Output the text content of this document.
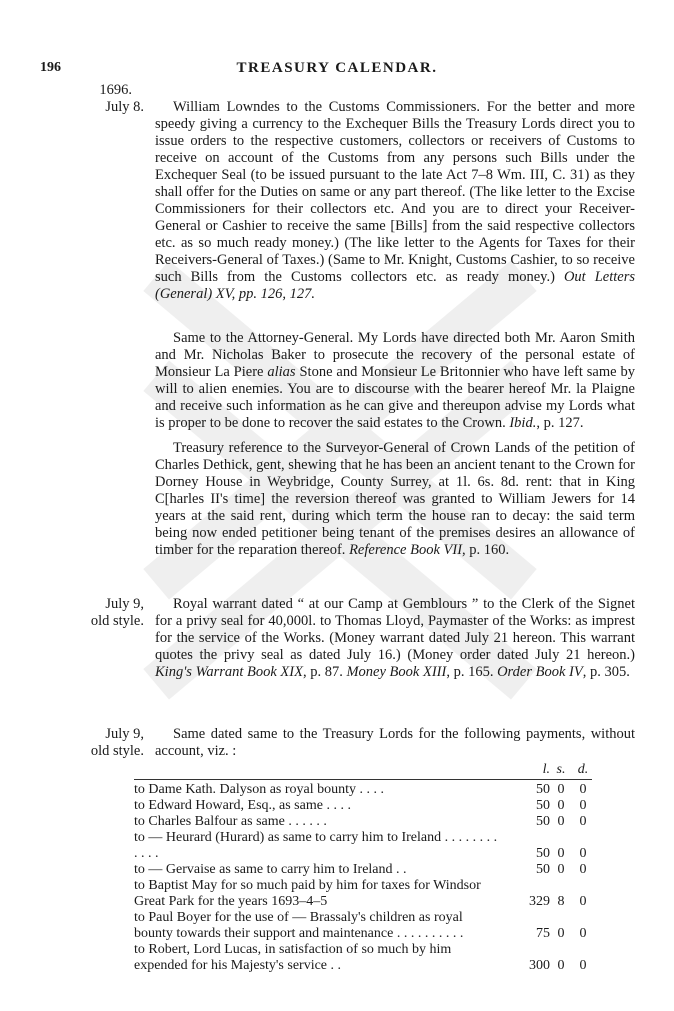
196	TREASURY CALENDAR.
1696.
July 8.	William Lowndes to the Customs Commissioners. For the better and more speedy giving a currency to the Exchequer Bills the Treasury Lords direct you to issue orders to the respective customers, collectors or receivers of Customs to receive on account of the Customs from any persons such Bills under the Exchequer Seal (to be issued pursuant to the late Act 7–8 Wm. III, C. 31) as they shall offer for the Duties on same or any part thereof. (The like letter to the Excise Commissioners for their collectors etc. And you are to direct your Receiver-General or Cashier to receive the same [Bills] from the said respective collectors etc. as so much ready money.) (The like letter to the Agents for Taxes for their Receivers-General of Taxes.) (Same to Mr. Knight, Customs Cashier, to so receive such Bills from the Customs collectors etc. as ready money.) Out Letters (General) XV, pp. 126, 127.

Same to the Attorney-General. My Lords have directed both Mr. Aaron Smith and Mr. Nicholas Baker to prosecute the recovery of the personal estate of Monsieur La Piere alias Stone and Monsieur Le Britonnier who have left same by will to alien enemies. You are to discourse with the bearer hereof Mr. la Plaigne and receive such information as he can give and thereupon advise my Lords what is proper to be done to recover the said estates to the Crown. Ibid., p. 127.

Treasury reference to the Surveyor-General of Crown Lands of the petition of Charles Dethick, gent, shewing that he has been an ancient tenant to the Crown for Dorney House in Weybridge, County Surrey, at 1l. 6s. 8d. rent: that in King C[harles II's time] the reversion thereof was granted to William Jewers for 14 years at the said rent, during which term the house ran to decay: the said term being now ended petitioner being tenant of the premises desires an allowance of timber for the reparation thereof. Reference Book VII, p. 160.

July 9,
old style.

Royal warrant dated “ at our Camp at Gemblours ” to the Clerk of the Signet for a privy seal for 40,000l. to Thomas Lloyd, Paymaster of the Works: as imprest for the service of the Works. (Money warrant dated July 21 hereon. This warrant quotes the privy seal as dated July 16.) (Money order dated July 21 hereon.) King's Warrant Book XIX, p. 87. Money Book XIII, p. 165. Order Book IV, p. 305.

July 9,
old style.

Same dated same to the Treasury Lords for the following payments, without account, viz. :

	l.	s.	d.
to Dame Kath. Dalyson as royal bounty . . . .	50	0	0
to Edward Howard, Esq., as same . . . .	50	0	0
to Charles Balfour as same . . . . . .	50	0	0
to — Heurard (Hurard) as same to carry him to Ireland . . . . . . . . . . . .	50	0	0
to — Gervaise as same to carry him to Ireland . .	50	0	0
to Baptist May for so much paid by him for taxes for Windsor Great Park for the years 1693–4–5	329	8	0
to Paul Boyer for the use of — Brassaly's children as royal bounty towards their support and maintenance . . . . . . . . . .	75	0	0
to Robert, Lord Lucas, in satisfaction of so much by him expended for his Majesty's service . .	300	0	0
